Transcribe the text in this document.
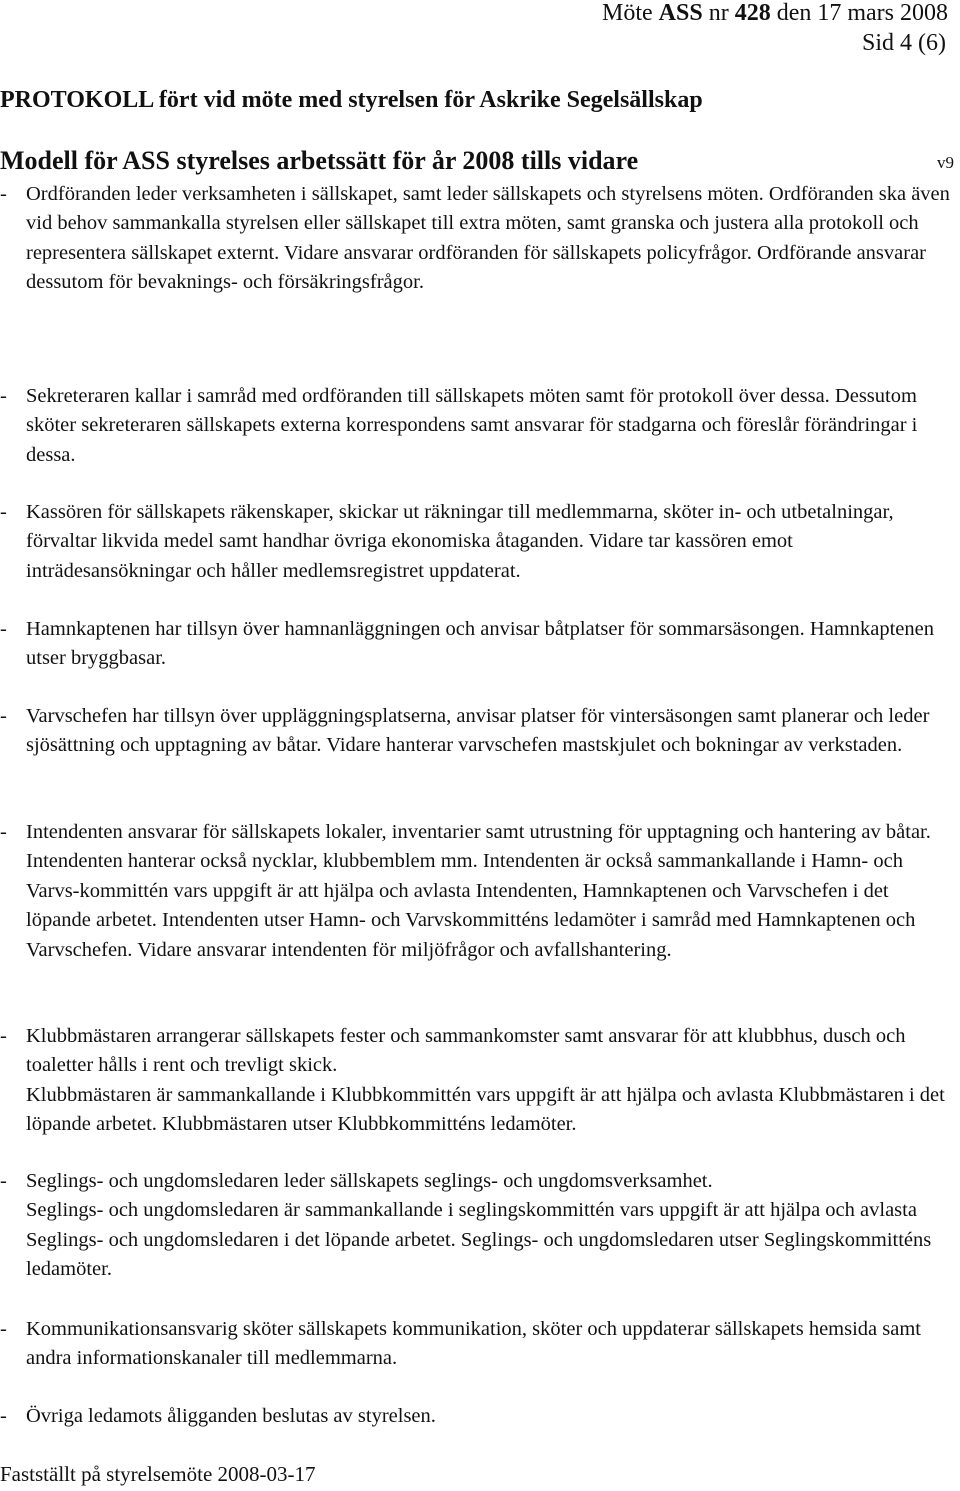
Möte ASS nr 428 den 17 mars 2008
Sid 4 (6)
PROTOKOLL fört vid möte med styrelsen för Askrike Segelsällskap
Modell för ASS styrelses arbetssätt för år 2008 tills vidare	v9
- Ordföranden leder verksamheten i sällskapet, samt leder sällskapets och styrelsens möten. Ordföranden ska även vid behov sammankalla styrelsen eller sällskapet till extra möten, samt granska och justera alla protokoll och representera sällskapet externt. Vidare ansvarar ordföranden för sällskapets policyfrågor. Ordförande ansvarar dessutom för bevaknings- och försäkringsfrågor.
- Sekreteraren kallar i samråd med ordföranden till sällskapets möten samt för protokoll över dessa. Dessutom sköter sekreteraren sällskapets externa korrespondens samt ansvarar för stadgarna och föreslår förändringar i dessa.
- Kassören för sällskapets räkenskaper, skickar ut räkningar till medlemmarna, sköter in- och utbetalningar, förvaltar likvida medel samt handhar övriga ekonomiska åtaganden. Vidare tar kassören emot inträdesansökningar och håller medlemsregistret uppdaterat.
- Hamnkaptenen har tillsyn över hamnanläggningen och anvisar båtplatser för sommarsäsongen. Hamnkaptenen utser bryggbasar.
- Varvschefen har tillsyn över uppläggningsplatserna, anvisar platser för vintersäsongen samt planerar och leder sjösättning och upptagning av båtar. Vidare hanterar varvschefen mastskjulet och bokningar av verkstaden.
- Intendenten ansvarar för sällskapets lokaler, inventarier samt utrustning för upptagning och hantering av båtar. Intendenten hanterar också nycklar, klubbemblem mm. Intendenten är också sammankallande i Hamn- och Varvs-kommittén vars uppgift är att hjälpa och avlasta Intendenten, Hamnkaptenen och Varvschefen i det löpande arbetet. Intendenten utser Hamn- och Varvskommitténs ledamöter i samråd med Hamnkaptenen och Varvschefen. Vidare ansvarar intendenten för miljöfrågor och avfallshantering.
- Klubbmästaren arrangerar sällskapets fester och sammankomster samt ansvarar för att klubbhus, dusch och toaletter hålls i rent och trevligt skick.
Klubbmästaren är sammankallande i Klubbkommittén vars uppgift är att hjälpa och avlasta Klubbmästaren i det löpande arbetet. Klubbmästaren utser Klubbkommitténs ledamöter.
- Seglings- och ungdomsledaren leder sällskapets seglings- och ungdomsverksamhet.
Seglings- och ungdomsledaren är sammankallande i seglingskommittén vars uppgift är att hjälpa och avlasta Seglings- och ungdomsledaren i det löpande arbetet. Seglings- och ungdomsledaren utser Seglingskommitténs ledamöter.
- Kommunikationsansvarig sköter sällskapets kommunikation, sköter och uppdaterar sällskapets hemsida samt andra informationskanaler till medlemmarna.
- Övriga ledamots åligganden beslutas av styrelsen.
Fastställt på styrelsemöte 2008-03-17
